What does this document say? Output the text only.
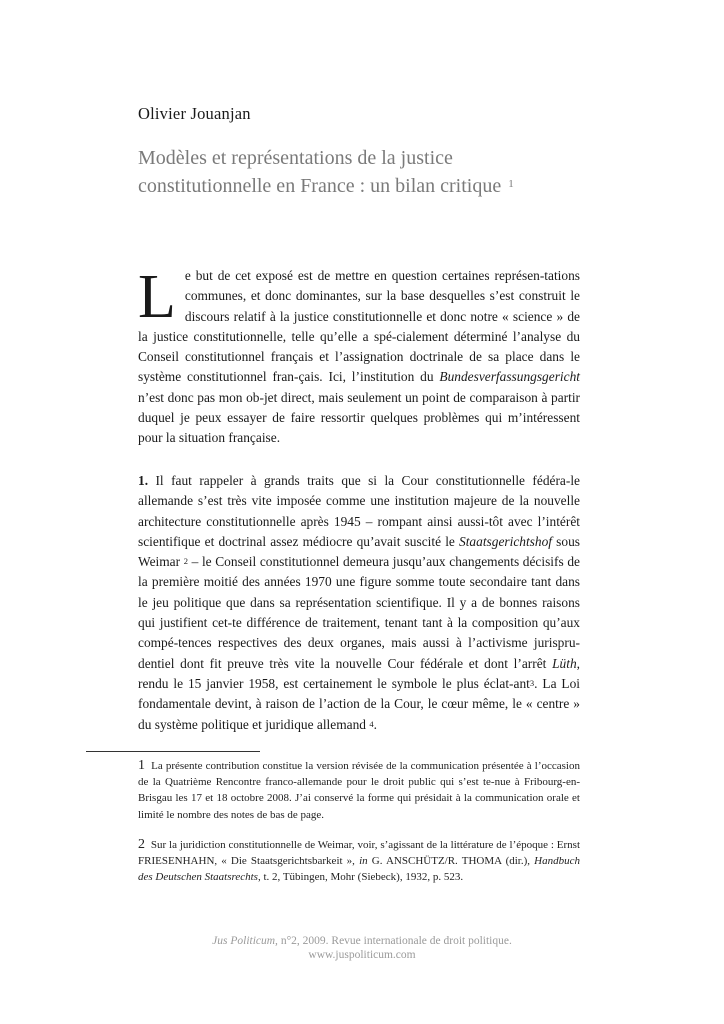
Olivier Jouanjan
Modèles et représentations de la justice
constitutionnelle en France : un bilan critique $^1$
Le but de cet exposé est de mettre en question certaines représen-tations communes, et donc dominantes, sur la base desquelles s’est construit le discours relatif à la justice constitutionnelle et donc notre « science » de la justice constitutionnelle, telle qu’elle a spé-cialement déterminé l’analyse du Conseil constitutionnel français et l’assignation doctrinale de sa place dans le système constitutionnel fran-çais. Ici, l’institution du Bundesverfassungsgericht n’est donc pas mon ob-jet direct, mais seulement un point de comparaison à partir duquel je peux essayer de faire ressortir quelques problèmes qui m’intéressent pour la situation française.
1. Il faut rappeler à grands traits que si la Cour constitutionnelle fédéra-le allemande s’est très vite imposée comme une institution majeure de la nouvelle architecture constitutionnelle après 1945 – rompant ainsi aussi-tôt avec l’intérêt scientifique et doctrinal assez médiocre qu’avait suscité le Staatsgerichtshof sous Weimar $^2$ – le Conseil constitutionnel demeura jusqu’aux changements décisifs de la première moitié des années 1970 une figure somme toute secondaire tant dans le jeu politique que dans sa représentation scientifique. Il y a de bonnes raisons qui justifient cet-te différence de traitement, tenant tant à la composition qu’aux compé-tences respectives des deux organes, mais aussi à l’activisme jurispru-dentiel dont fit preuve très vite la nouvelle Cour fédérale et dont l’arrêt Lüth, rendu le 15 janvier 1958, est certainement le symbole le plus éclat-ant$^3$. La Loi fondamentale devint, à raison de l’action de la Cour, le cœur même, le « centre » du système politique et juridique allemand $^4$.
1 La présente contribution constitue la version révisée de la communication présentée à l’occasion de la Quatrième Rencontre franco-allemande pour le droit public qui s’est te-nue à Fribourg-en-Brisgau les 17 et 18 octobre 2008. J’ai conservé la forme qui présidait à la communication orale et limité le nombre des notes de bas de page.
2 Sur la juridiction constitutionnelle de Weimar, voir, s’agissant de la littérature de l’époque : Ernst FRIESENHAHN, « Die Staatsgerichtsbarkeit », in G. ANSCHÜTZ/R. THOMA (dir.), Handbuch des Deutschen Staatsrechts, t. 2, Tübingen, Mohr (Siebeck), 1932, p. 523.
Jus Politicum, n°2, 2009. Revue internationale de droit politique.
www.juspoliticum.com
